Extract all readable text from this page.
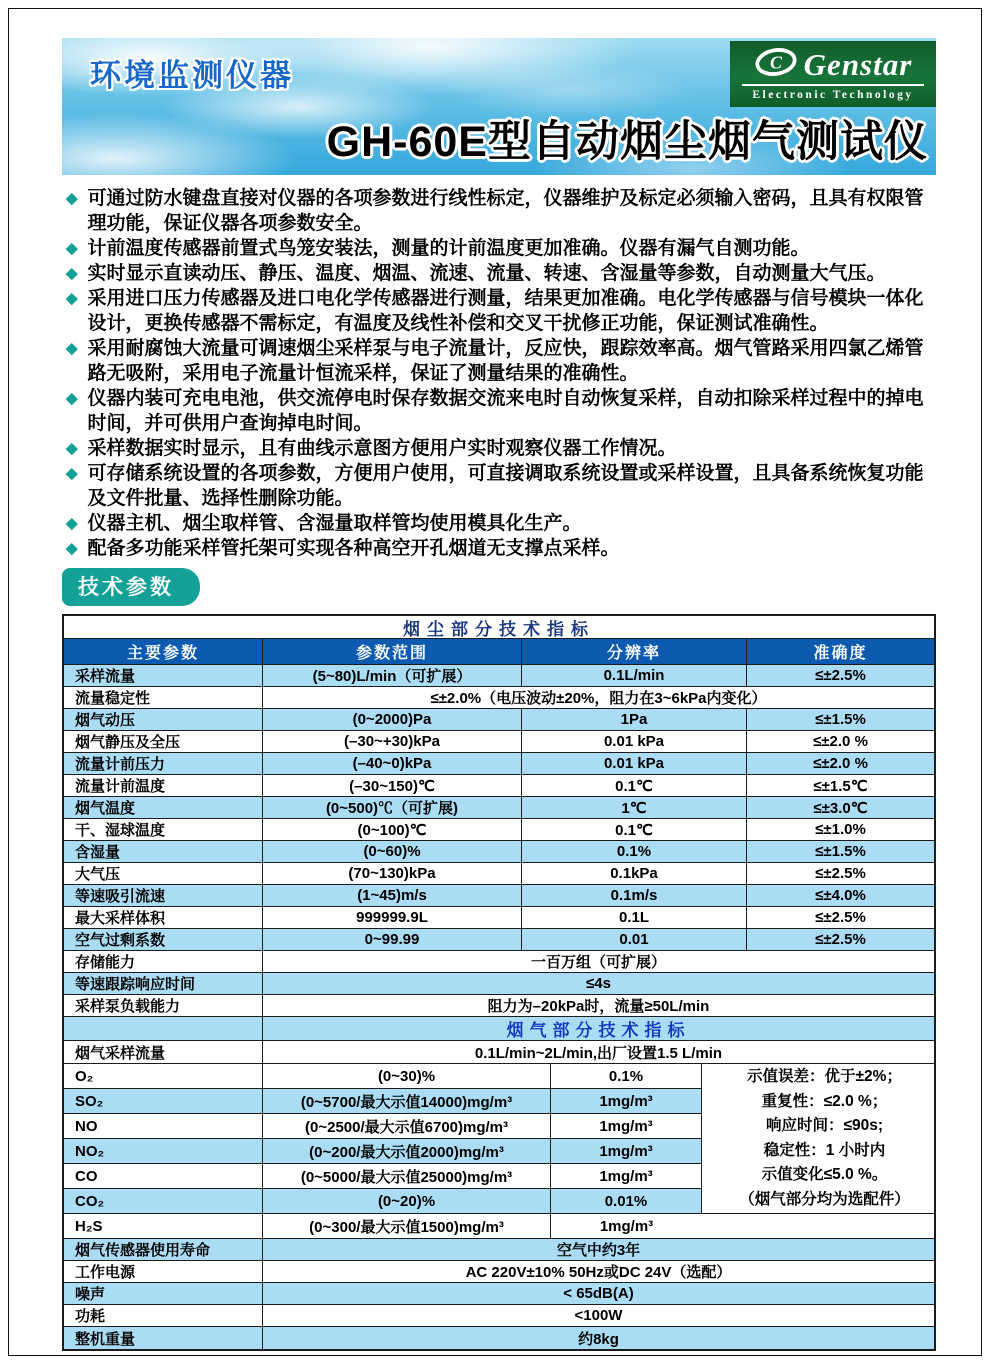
环境监测仪器	C Genstar
Electronic Technology
GH-60E型自动烟尘烟气测试仪
◆ 可通过防水键盘直接对仪器的各项参数进行线性标定，仪器维护及标定必须输入密码，且具有权限管理功能，保证仪器各项参数安全。
◆ 计前温度传感器前置式鸟笼安装法，测量的计前温度更加准确。仪器有漏气自测功能。
◆ 实时显示直读动压、静压、温度、烟温、流速、流量、转速、含湿量等参数，自动测量大气压。
◆ 采用进口压力传感器及进口电化学传感器进行测量，结果更加准确。电化学传感器与信号模块一体化设计，更换传感器不需标定，有温度及线性补偿和交叉干扰修正功能，保证测试准确性。
◆ 采用耐腐蚀大流量可调速烟尘采样泵与电子流量计，反应快，跟踪效率高。烟气管路采用四氯乙烯管路无吸附，采用电子流量计恒流采样，保证了测量结果的准确性。
◆ 仪器内装可充电电池，供交流停电时保存数据交流来电时自动恢复采样，自动扣除采样过程中的掉电时间，并可供用户查询掉电时间。
◆ 采样数据实时显示，且有曲线示意图方便用户实时观察仪器工作情况。
◆ 可存储系统设置的各项参数，方便用户使用，可直接调取系统设置或采样设置，且具备系统恢复功能及文件批量、选择性删除功能。
◆ 仪器主机、烟尘取样管、含湿量取样管均使用模具化生产。
◆ 配备多功能采样管托架可实现各种高空开孔烟道无支撑点采样。
技术参数
烟尘部分技术指标
主要参数	参数范围	分辨率	准确度
采样流量	(5~80)L/min（可扩展）	0.1L/min	≤±2.5%
流量稳定性	≤±2.0%（电压波动±20%，阻力在3~6kPa内变化）
烟气动压	(0~2000)Pa	1Pa	≤±1.5%
烟气静压及全压	(–30~+30)kPa	0.01 kPa	≤±2.0 %
流量计前压力	(–40~0)kPa	0.01 kPa	≤±2.0 %
流量计前温度	(–30~150)℃	0.1℃	≤±1.5℃
烟气温度	(0~500)℃（可扩展)	1℃	≤±3.0℃
干、湿球温度	(0~100)℃	0.1℃	≤±1.0%
含湿量	(0~60)%	0.1%	≤±1.5%
大气压	(70~130)kPa	0.1kPa	≤±2.5%
等速吸引流速	(1~45)m/s	0.1m/s	≤±4.0%
最大采样体积	999999.9L	0.1L	≤±2.5%
空气过剩系数	0~99.99	0.01	≤±2.5%
存储能力	一百万组（可扩展）
等速跟踪响应时间	≤4s
采样泵负载能力	阻力为–20kPa时，流量≥50L/min
烟气部分技术指标
烟气采样流量	0.1L/min~2L/min,出厂设置1.5 L/min
示值误差：优于±2%；
重复性：≤2.0 %；
响应时间：≤90s;
稳定性：1 小时内
示值变化≤5.0 %。
（烟气部分均为选配件）
O₂	(0~30)%	0.1%
SO₂	(0~5700/最大示值14000)mg/m³	1mg/m³
NO	(0~2500/最大示值6700)mg/m³	1mg/m³
NO₂	(0~200/最大示值2000)mg/m³	1mg/m³
CO	(0~5000/最大示值25000)mg/m³	1mg/m³
CO₂	(0~20)%	0.01%
H₂S	(0~300/最大示值1500)mg/m³	1mg/m³
烟气传感器使用寿命	空气中约3年
工作电源	AC 220V±10% 50Hz或DC 24V（选配）
噪声	< 65dB(A)
功耗	<100W
整机重量	约8kg
